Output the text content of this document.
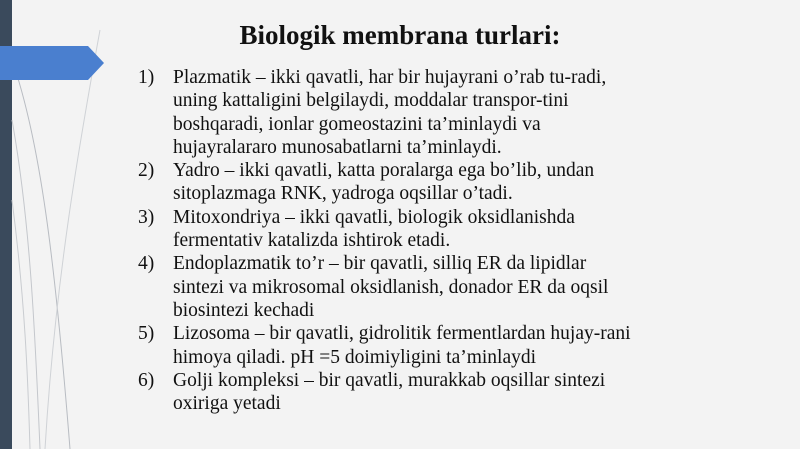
Biologik membrana turlari:
1) Plazmatik – ikki qavatli, har bir hujayrani o’rab tu-radi,
uning kattaligini belgilaydi, moddalar transpor-tini
boshqaradi, ionlar gomeostazini ta’minlaydi va
hujayralararo munosabatlarni ta’minlaydi.
2) Yadro – ikki qavatli, katta poralarga ega bo’lib, undan
sitoplazmaga RNK, yadroga oqsillar o’tadi.
3) Mitoxondriya – ikki qavatli, biologik oksidlanishda
fermentativ katalizda ishtirok etadi.
4) Endoplazmatik to’r – bir qavatli, silliq ER da lipidlar
sintezi va mikrosomal oksidlanish, donador ER da oqsil
biosintezi kechadi
5) Lizosoma – bir qavatli, gidrolitik fermentlardan hujay-rani
himoya qiladi. pH =5 doimiyligini ta’minlaydi
6) Golji kompleksi – bir qavatli, murakkab oqsillar sintezi
oxiriga yetadi
